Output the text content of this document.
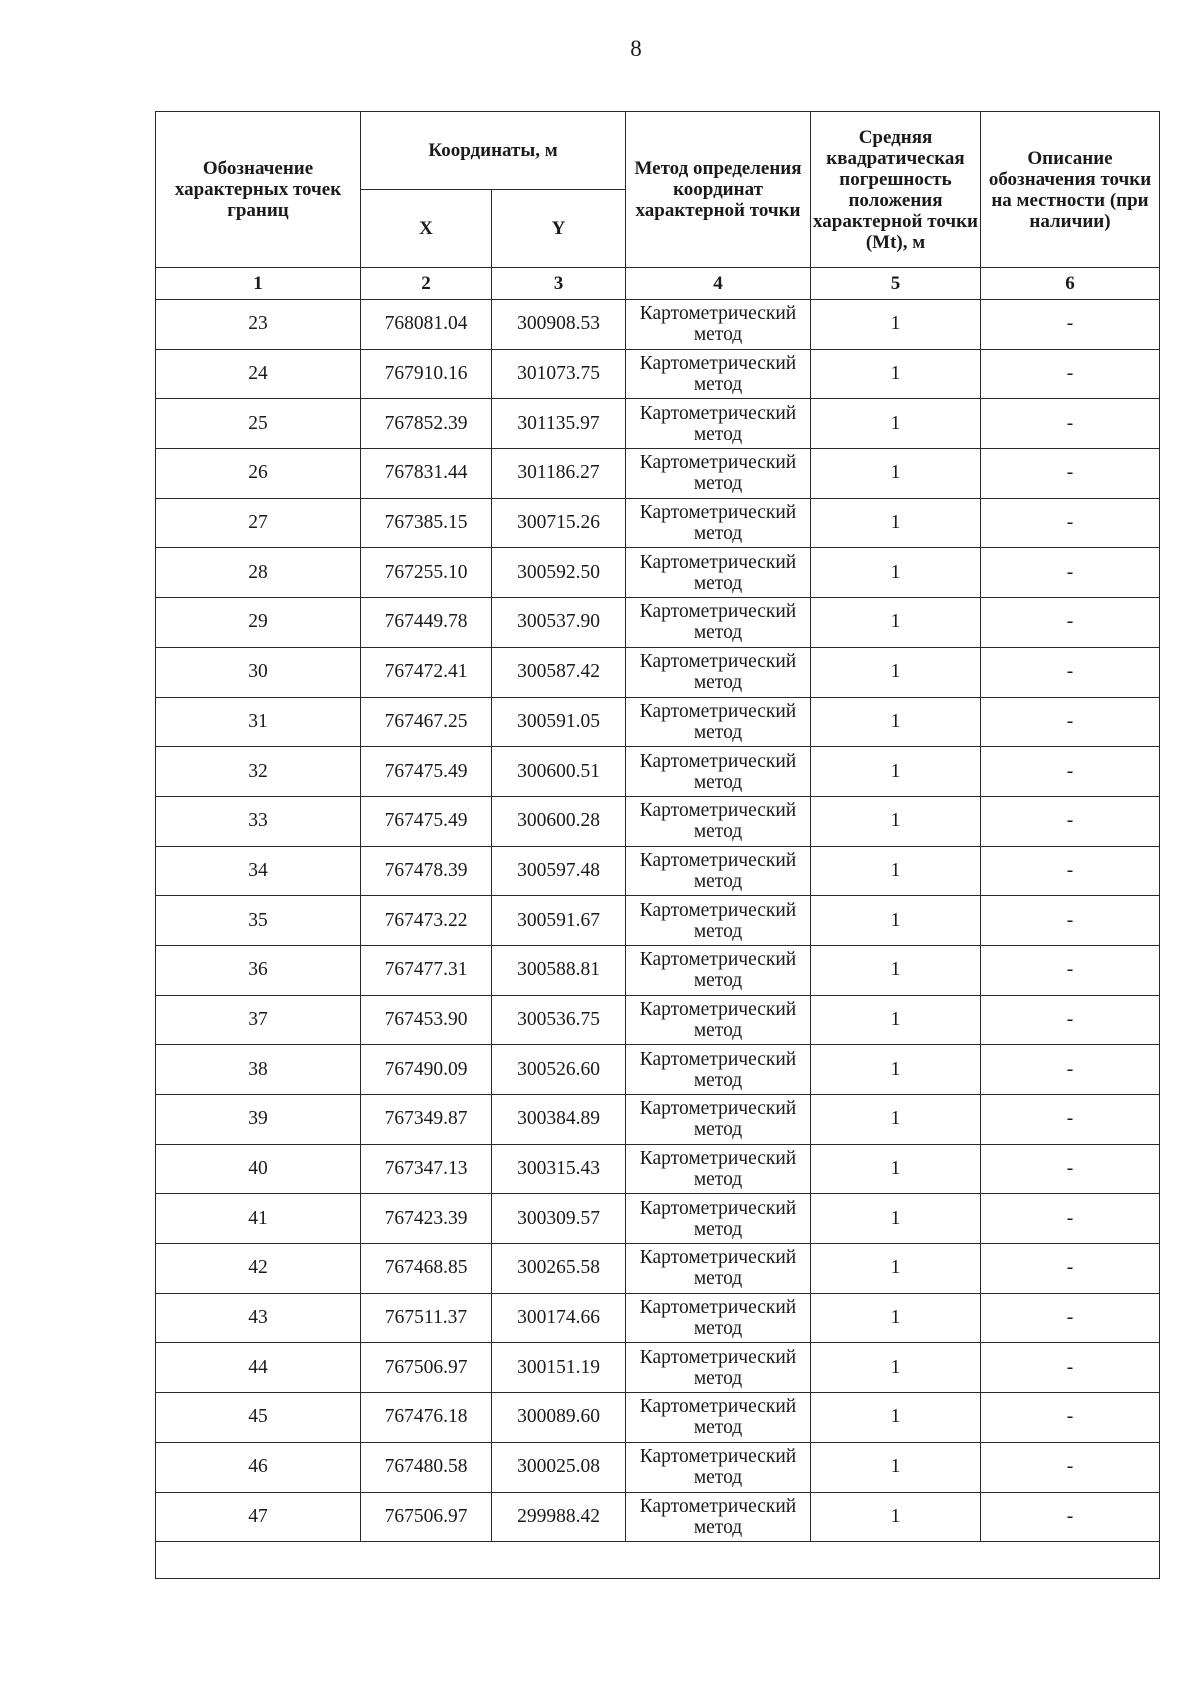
8
Обозначение характерных точек границ	Координаты, м		Метод определения координат характерной точки	Средняя квадратическая погрешность положения характерной точки (Mt), м	Описание обозначения точки на местности (при наличии)
	X	Y			
1	2	3	4	5	6
23	768081.04	300908.53	Картометрический метод	1	-
24	767910.16	301073.75	Картометрический метод	1	-
25	767852.39	301135.97	Картометрический метод	1	-
26	767831.44	301186.27	Картометрический метод	1	-
27	767385.15	300715.26	Картометрический метод	1	-
28	767255.10	300592.50	Картометрический метод	1	-
29	767449.78	300537.90	Картометрический метод	1	-
30	767472.41	300587.42	Картометрический метод	1	-
31	767467.25	300591.05	Картометрический метод	1	-
32	767475.49	300600.51	Картометрический метод	1	-
33	767475.49	300600.28	Картометрический метод	1	-
34	767478.39	300597.48	Картометрический метод	1	-
35	767473.22	300591.67	Картометрический метод	1	-
36	767477.31	300588.81	Картометрический метод	1	-
37	767453.90	300536.75	Картометрический метод	1	-
38	767490.09	300526.60	Картометрический метод	1	-
39	767349.87	300384.89	Картометрический метод	1	-
40	767347.13	300315.43	Картометрический метод	1	-
41	767423.39	300309.57	Картометрический метод	1	-
42	767468.85	300265.58	Картометрический метод	1	-
43	767511.37	300174.66	Картометрический метод	1	-
44	767506.97	300151.19	Картометрический метод	1	-
45	767476.18	300089.60	Картометрический метод	1	-
46	767480.58	300025.08	Картометрический метод	1	-
47	767506.97	299988.42	Картометрический метод	1	-
